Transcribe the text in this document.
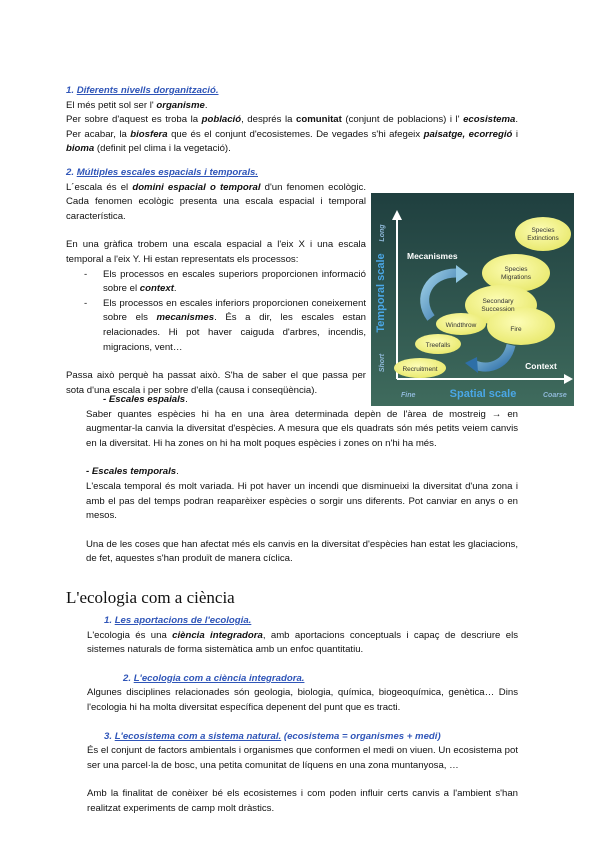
1. Diferents nivells dorganització.

El més petit sol ser l' organisme.

Per sobre d'aquest es troba la població, després la comunitat (conjunt de poblacions) i l' ecosistema. Per acabar, la biosfera que és el conjunt d'ecosistemes. De vegades s'hi afegeix paisatge, ecorregió i bioma (definit pel clima i la vegetació).

2. Múltiples escales espacials i temporals.

L´escala és el domini espacial o temporal d'un fenomen ecològic. Cada fenomen ecològic presenta una escala espacial i temporal característica.

En una gràfica trobem una escala espacial a l'eix X i una escala temporal a l'eix Y. Hi estan representats els processos:

- Els processos en escales superiors proporcionen informació sobre el context.
- Els processos en escales inferiors proporcionen coneixement sobre els mecanismes. És a dir, les escales estan relacionades. Hi pot haver caiguda d'arbres, incendis, migracions, vent…

Passa això perquè ha passat això. S'ha de saber el que passa per sota d'una escala i per sobre d'ella (causa i conseqüència).

Long
Short
Temporal scale
Fine	Coarse
Spatial scale
Mecanismes
Context
Species
Extinctions
Species
Migrations
Secondary
Succession
Fire
Windthrow
Treefalls
Recruitment

- Escales espaials.

Saber quantes espècies hi ha en una àrea determinada depèn de l'àrea de mostreig → en augmentar-la canvia la diversitat d'espècies. A mesura que els quadrats són més petits veiem canvis en la diversitat. Hi ha zones on hi ha molt poques espècies i zones on n'hi ha més.

- Escales temporals.

L'escala temporal és molt variada. Hi pot haver un incendi que disminueixi la diversitat d'una zona i amb el pas del temps podran reaparèixer espècies o sorgir uns diferents. Pot canviar en anys o en mesos.

Una de les coses que han afectat més els canvis en la diversitat d'espècies han estat les glaciacions, de fet, aquestes s'han produït de manera cíclica.

L'ecologia com a ciència

1. Les aportacions de l'ecologia.

L'ecologia és una ciència integradora, amb aportacions conceptuals i capaç de descriure els sistemes naturals de forma sistemàtica amb un enfoc quantitatiu.

2. L'ecologia com a ciència integradora.

Algunes disciplines relacionades són geologia, biologia, química, biogeoquímica, genètica… Dins l'ecologia hi ha molta diversitat específica depenent del punt que es tracti.

3. L'ecosistema com a sistema natural. (ecosistema = organismes + medi)

És el conjunt de factors ambientals i organismes que conformen el medi on viuen. Un ecosistema pot ser una parcel·la de bosc, una petita comunitat de líquens en una zona muntanyosa, …

Amb la finalitat de conèixer bé els ecosistemes i com poden influir certs canvis a l'ambient s'han realitzat experiments de camp molt dràstics.
